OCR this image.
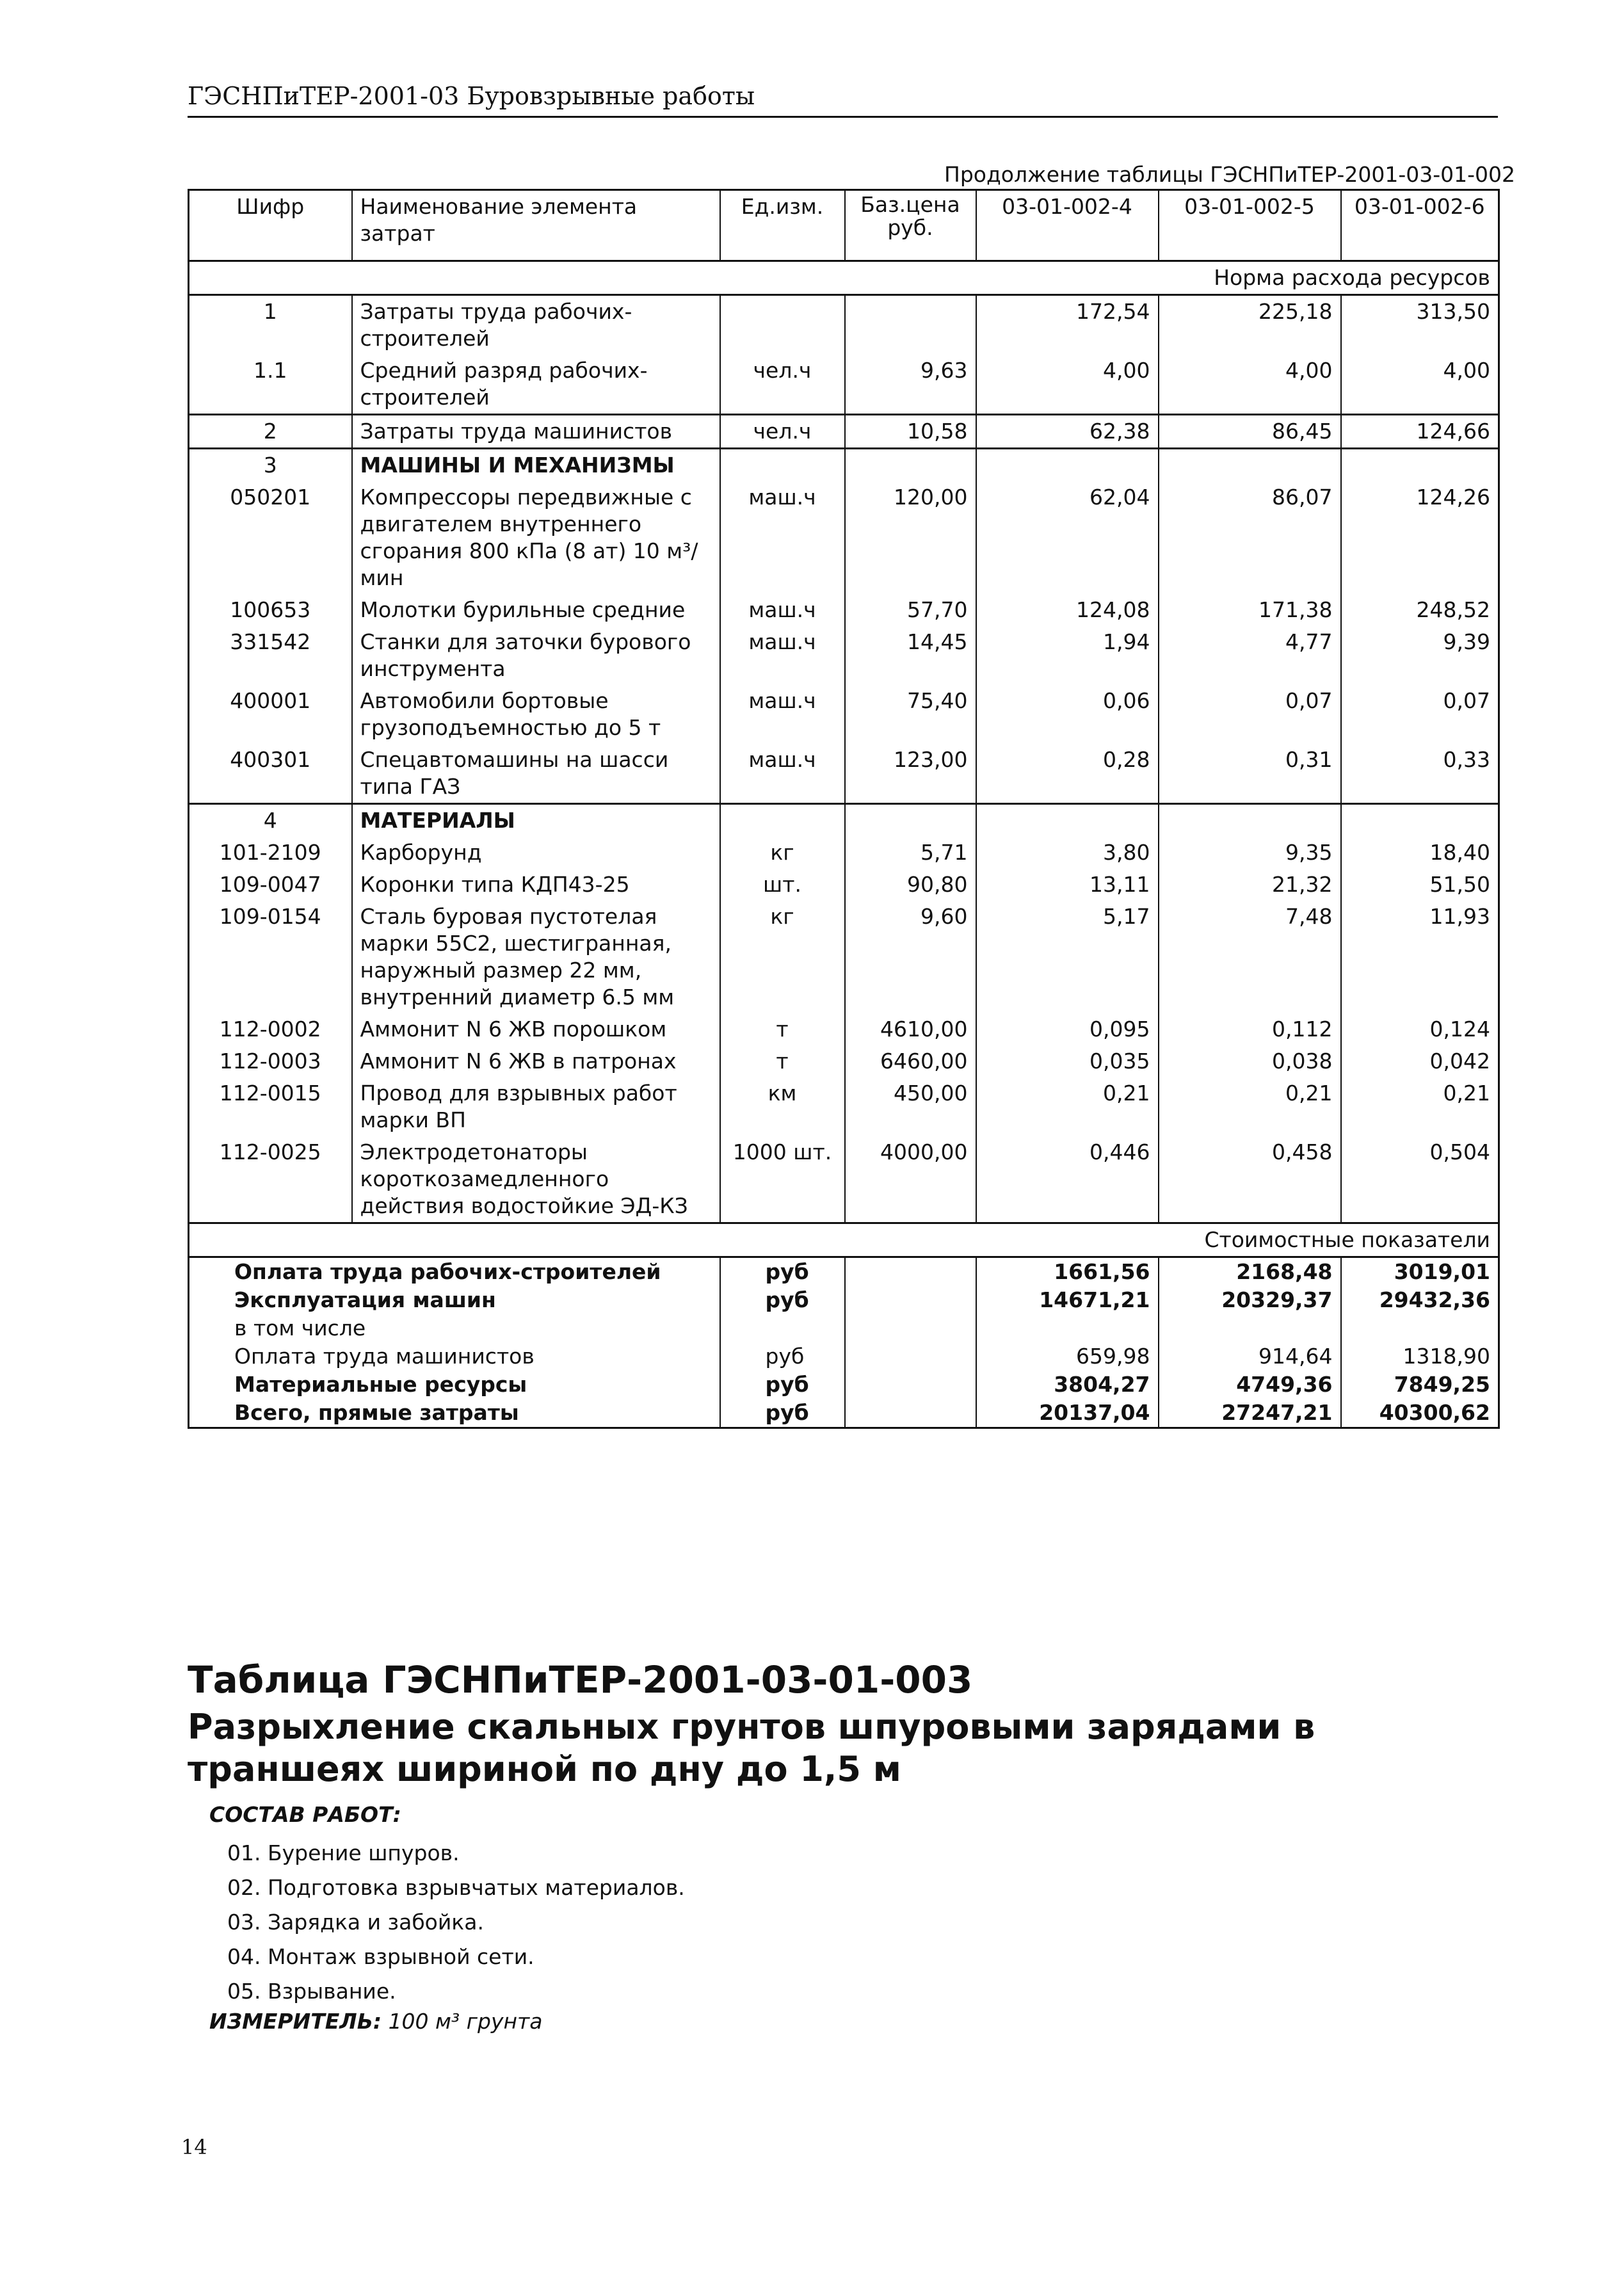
ГЭСНПиТЕР-2001-03 Буровзрывные работы
Продолжение таблицы ГЭСНПиТЕР-2001-03-01-002
Шифр	Наименование элемента затрат	Ед.изм.	Баз.цена руб.	03-01-002-4	03-01-002-5	03-01-002-6
				Норма расхода ресурсов		
1	Затраты труда рабочих-строителей			172,54	225,18	313,50
1.1	Средний разряд рабочих-строителей	чел.ч	9,63	4,00	4,00	4,00
2	Затраты труда машинистов	чел.ч	10,58	62,38	86,45	124,66
3	МАШИНЫ И МЕХАНИЗМЫ					
050201	Компрессоры передвижные с двигателем внутреннего сгорания 800 кПа (8 ат) 10 м³/мин	маш.ч	120,00	62,04	86,07	124,26
100653	Молотки бурильные средние	маш.ч	57,70	124,08	171,38	248,52
331542	Станки для заточки бурового инструмента	маш.ч	14,45	1,94	4,77	9,39
400001	Автомобили бортовые грузоподъемностью до 5 т	маш.ч	75,40	0,06	0,07	0,07
400301	Спецавтомашины на шасси типа ГАЗ	маш.ч	123,00	0,28	0,31	0,33
4	МАТЕРИАЛЫ					
101-2109	Карборунд	кг	5,71	3,80	9,35	18,40
109-0047	Коронки типа КДП43-25	шт.	90,80	13,11	21,32	51,50
109-0154	Сталь буровая пустотелая марки 55С2, шестигранная, наружный размер 22 мм, внутренний диаметр 6.5 мм	кг	9,60	5,17	7,48	11,93
112-0002	Аммонит N 6 ЖВ порошком	т	4610,00	0,095	0,112	0,124
112-0003	Аммонит N 6 ЖВ в патронах	т	6460,00	0,035	0,038	0,042
112-0015	Провод для взрывных работ марки ВП	км	450,00	0,21	0,21	0,21
112-0025	Электродетонаторы короткозамедленного действия водостойкие ЭД-КЗ	1000 шт.	4000,00	0,446	0,458	0,504
				Стоимостные показатели		
Оплата труда рабочих-строителей		руб		1661,56	2168,48	3019,01
Эксплуатация машин		руб		14671,21	20329,37	29432,36
в том числе						
Оплата труда машинистов		руб		659,98	914,64	1318,90
Материальные ресурсы		руб		3804,27	4749,36	7849,25
Всего, прямые затраты		руб		20137,04	27247,21	40300,62
Таблица ГЭСНПиТЕР-2001-03-01-003
Разрыхление скальных грунтов шпуровыми зарядами в траншеях шириной по дну до 1,5 м
СОСТАВ РАБОТ:
01. Бурение шпуров.
02. Подготовка взрывчатых материалов.
03. Зарядка и забойка.
04. Монтаж взрывной сети.
05. Взрывание.
ИЗМЕРИТЕЛЬ: 100 м³ грунта
14
